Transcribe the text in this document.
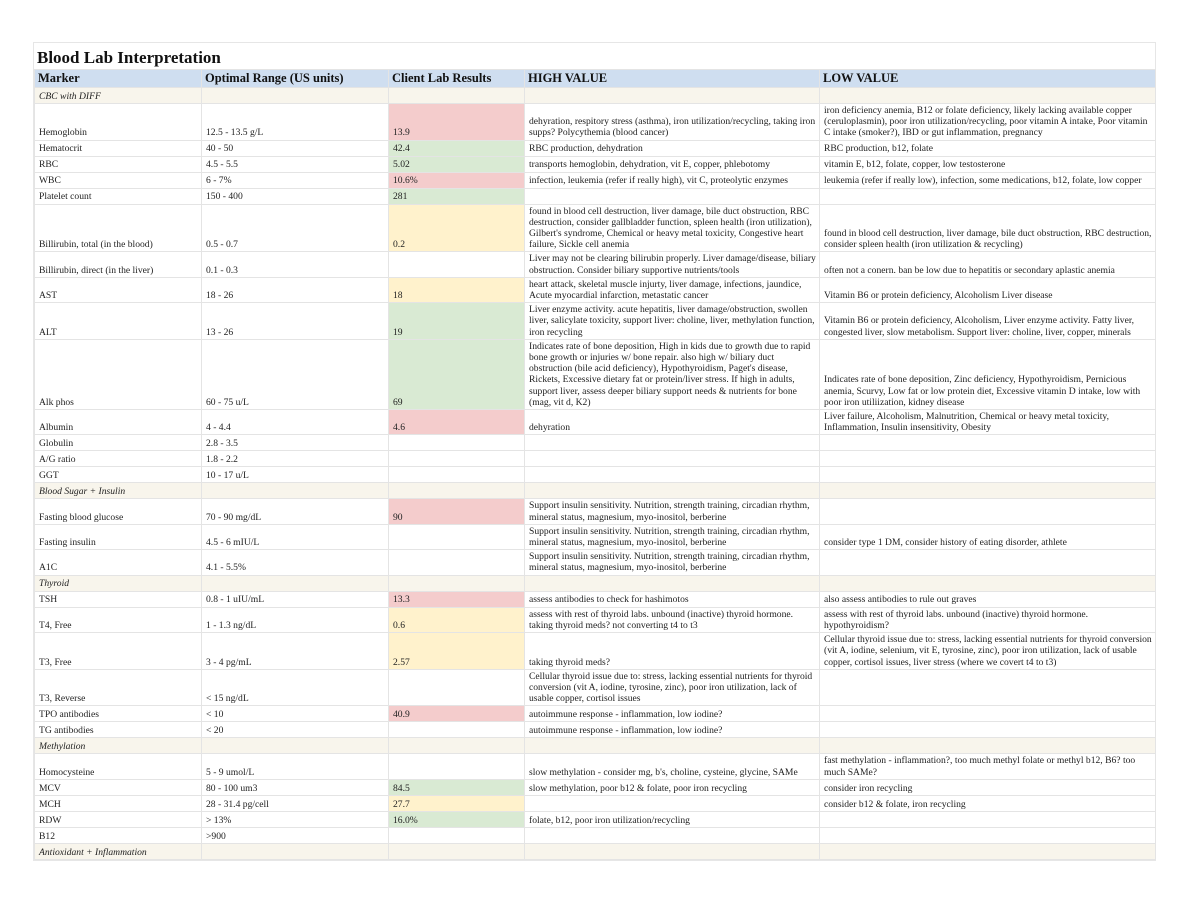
Blood Lab Interpretation
Marker	Optimal Range (US units)	Client Lab Results	HIGH VALUE	LOW VALUE
CBC with DIFF				
Hemoglobin	12.5 - 13.5 g/L	13.9	dehyration, respitory stress (asthma), iron utilization/recycling, taking iron supps? Polycythemia (blood cancer)	iron deficiency anemia, B12 or folate deficiency, likely lacking available copper (ceruloplasmin), poor iron utilization/recycling, poor vitamin A intake, Poor vitamin C intake (smoker?), IBD or gut inflammation, pregnancy
Hematocrit	40 - 50	42.4	RBC production, dehydration	RBC production, b12, folate
RBC	4.5 - 5.5	5.02	transports hemoglobin, dehydration, vit E, copper, phlebotomy	vitamin E, b12, folate, copper, low testosterone
WBC	6 - 7%	10.6%	infection, leukemia (refer if really high), vit C, proteolytic enzymes	leukemia (refer if really low), infection, some medications, b12, folate, low copper
Platelet count	150 - 400	281		
Billirubin, total (in the blood)	0.5 - 0.7	0.2	found in blood cell destruction, liver damage, bile duct obstruction, RBC destruction, consider gallbladder function, spleen health (iron utilization), Gilbert's syndrome, Chemical or heavy metal toxicity, Congestive heart failure, Sickle cell anemia	found in blood cell destruction, liver damage, bile duct obstruction, RBC destruction, consider spleen health (iron utilization & recycling)
Billirubin, direct (in the liver)	0.1 - 0.3		Liver may not be clearing bilirubin properly. Liver damage/disease, biliary obstruction. Consider biliary supportive nutrients/tools	often not a conern. ban be low due to hepatitis or secondary aplastic anemia
AST	18 - 26	18	heart attack, skeletal muscle injurty, liver damage, infections, jaundice, Acute myocardial infarction, metastatic cancer	Vitamin B6 or protein deficiency, Alcoholism Liver disease
ALT	13 - 26	19	Liver enzyme activity. acute hepatitis, liver damage/obstruction, swollen liver, salicylate toxicity, support liver: choline, liver, methylation function, iron recycling	Vitamin B6 or protein deficiency, Alcoholism, Liver enzyme activity. Fatty liver, congested liver, slow metabolism. Support liver: choline, liver, copper, minerals
Alk phos	60 - 75 u/L	69	Indicates rate of bone deposition, High in kids due to growth due to rapid bone growth or injuries w/ bone repair. also high w/ biliary duct obstruction (bile acid deficiency), Hypothyroidism, Paget's disease, Rickets, Excessive dietary fat or protein/liver stress. If high in adults, support liver, assess deeper biliary support needs & nutrients for bone (mag, vit d, K2)	Indicates rate of bone deposition, Zinc deficiency, Hypothyroidism, Pernicious anemia, Scurvy, Low fat or low protein diet, Excessive vitamin D intake, low with poor iron utiliization, kidney disease
Albumin	4 - 4.4	4.6	dehyration	Liver failure, Alcoholism, Malnutrition, Chemical or heavy metal toxicity, Inflammation, Insulin insensitivity, Obesity
Globulin	2.8 - 3.5			
A/G ratio	1.8 - 2.2			
GGT	10 - 17 u/L			
Blood Sugar + Insulin				
Fasting blood glucose	70 - 90 mg/dL	90	Support insulin sensitivity. Nutrition, strength training, circadian rhythm, mineral status, magnesium, myo-inositol, berberine	
Fasting insulin	4.5 - 6 mIU/L		Support insulin sensitivity. Nutrition, strength training, circadian rhythm, mineral status, magnesium, myo-inositol, berberine	consider type 1 DM, consider history of eating disorder, athlete
A1C	4.1 - 5.5%		Support insulin sensitivity. Nutrition, strength training, circadian rhythm, mineral status, magnesium, myo-inositol, berberine	
Thyroid				
TSH	0.8 - 1 uIU/mL	13.3	assess antibodies to check for hashimotos	also assess antibodies to rule out graves
T4, Free	1 - 1.3 ng/dL	0.6	assess with rest of thyroid labs. unbound (inactive) thyroid hormone. taking thyroid meds? not converting t4 to t3	assess with rest of thyroid labs. unbound (inactive) thyroid hormone. hypothyroidism?
T3, Free	3 - 4 pg/mL	2.57	taking thyroid meds?	Cellular thyroid issue due to: stress, lacking essential nutrients for thyroid conversion (vit A, iodine, selenium, vit E, tyrosine, zinc), poor iron utilization, lack of usable copper, cortisol issues, liver stress (where we covert t4 to t3)
T3, Reverse	< 15 ng/dL		Cellular thyroid issue due to: stress, lacking essential nutrients for thyroid conversion (vit A, iodine, tyrosine, zinc), poor iron utilization, lack of usable copper, cortisol issues	
TPO antibodies	< 10	40.9	autoimmune response - inflammation, low iodine?	
TG antibodies	< 20		autoimmune response - inflammation, low iodine?	
Methylation				
Homocysteine	5 - 9 umol/L		slow methylation - consider mg, b's, choline, cysteine, glycine, SAMe	fast methylation - inflammation?, too much methyl folate or methyl b12, B6? too much SAMe?
MCV	80 - 100 um3	84.5	slow methylation, poor b12 & folate, poor iron recycling	consider iron recycling
MCH	28 - 31.4 pg/cell	27.7		consider b12 & folate, iron recycling
RDW	> 13%	16.0%	folate, b12, poor iron utilization/recycling	
B12	>900			
Antioxidant + Inflammation				
